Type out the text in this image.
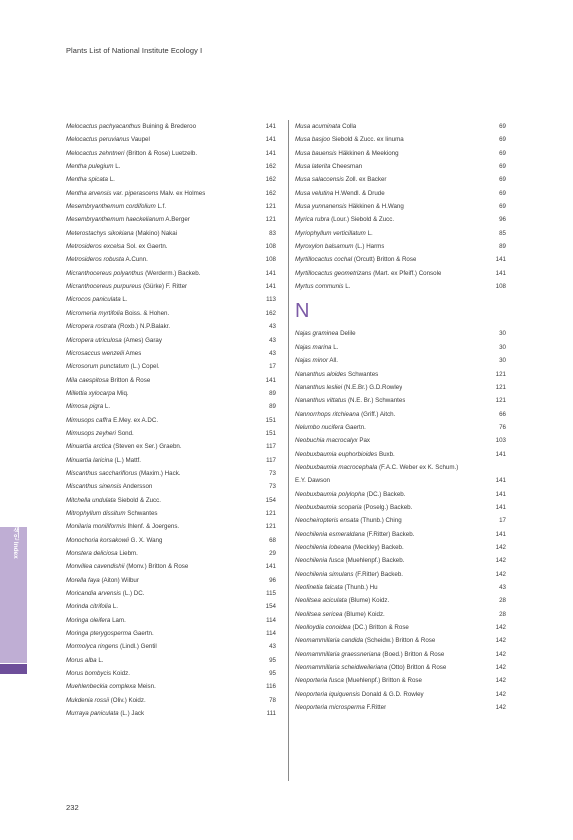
Plants List of National Institute Ecology Ⅰ
Melocactus pachyacanthus Buining & Brederoo	141
Melocactus peruvianus Vaupel	141
Melocactus zehntneri (Britton & Rose) Luetzelb.	141
Mentha pulegium L.	162
Mentha spicata L.	162
Mentha arvensis var. piperascens Malv. ex Holmes	162
Mesembryanthemum cordifolium L.f.	121
Mesembryanthemum haeckelianum A.Berger	121
Meterostachys sikokiana (Makino) Nakai	83
Metrosideros excelsa Sol. ex Gaertn.	108
Metrosideros robusta A.Cunn.	108
Micranthocereus polyanthus (Werderm.) Backeb.	141
Micranthocereus purpureus (Gürke) F. Ritter	141
Microcos paniculata L.	113
Micromeria myrtifolia Boiss. & Hohen.	162
Micropera rostrata (Roxb.) N.P.Balakr.	43
Micropera utriculosa (Ames) Garay	43
Microsaccus wenzelii Ames	43
Microsorum punctatum (L.) Copel.	17
Mila caespitosa Britton & Rose	141
Millettia xylocarpa Miq.	89
Mimosa pigra L.	89
Mimusops caffra E.Mey. ex A.DC.	151
Mimusops zeyheri Sond.	151
Minuartia arctica (Steven ex Ser.) Graebn.	117
Minuartia laricina (L.) Mattf.	117
Miscanthus sacchariflorus (Maxim.) Hack.	73
Miscanthus sinensis Andersson	73
Mitchella undulata Siebold & Zucc.	154
Mitrophyllum dissitum Schwantes	121
Monilaria moniliformis Ihlenf. & Joergens.	121
Monochoria korsakowii G. X. Wang	68
Monstera deliciosa Liebm.	29
Monvillea cavendishii (Monv.) Britton & Rose	141
Morella faya (Aiton) Wilbur	96
Moricandia arvensis (L.) DC.	115
Morinda citrifolia L.	154
Moringa oleifera Lam.	114
Moringa pterygosperma Gaertn.	114
Mormolyca ringens (Lindl.) Gentil	43
Morus alba L.	95
Morus bombycis Koidz.	95
Muehlenbeckia complexa Meisn.	116
Mukdenia rossii (Oliv.) Koidz.	78
Murraya paniculata (L.) Jack	111
Musa acuminata Colla	69
Musa basjoo Siebold & Zucc. ex Iinuma	69
Musa bauensis Häkkinen & Meekiong	69
Musa laterita Cheesman	69
Musa salaccensis Zoll. ex Backer	69
Musa velutina H.Wendl. & Drude	69
Musa yunnanensis Häkkinen & H.Wang	69
Myrica rubra (Lour.) Siebold & Zucc.	96
Myriophyllum verticillatum L.	85
Myroxylon balsamum (L.) Harms	89
Myrtillocactus cochal (Orcutt) Britton & Rose	141
Myrtillocactus geometrizans (Mart. ex Pfeiff.) Console	141
Myrtus communis L.	108
N
Najas graminea Delile	30
Najas marina L.	30
Najas minor All.	30
Nananthus aloides Schwantes	121
Nananthus lesliei (N.E.Br.) G.D.Rowley	121
Nananthus vittatus (N.E. Br.) Schwantes	121
Nannorrhops ritchieana (Griff.) Aitch.	66
Nelumbo nucifera Gaertn.	76
Neobuchia macrocalyx Pax	103
Neobuxbaumia euphorbioides Buxb.	141
Neobuxbaumia macrocephala (F.A.C. Weber ex K. Schum.)
E.Y. Dawson	141
Neobuxbaumia polylopha (DC.) Backeb.	141
Neobuxbaumia scoparia (Poselg.) Backeb.	141
Neocheiropteris ensata (Thunb.) Ching	17
Neochilenia esmeraldana (F.Ritter) Backeb.	141
Neochilenia lobeana (Meckley) Backeb.	142
Neochilenia fusca (Muehlenpf.) Backeb.	142
Neochilenia simulans (F.Ritter) Backeb.	142
Neofinetia falcata (Thunb.) Hu	43
Neolitsea aciculata (Blume) Koidz.	28
Neolitsea sericea (Blume) Koidz.	28
Neolloydia conoidea (DC.) Britton & Rose	142
Neomammillaria candida (Scheidw.) Britton & Rose	142
Neomammillaria graessneriana (Boed.) Britton & Rose	142
Neomammillaria scheidweileriana (Otto) Britton & Rose	142
Neoporteria fusca (Muehlenpf.) Britton & Rose	142
Neoporteria iquiquensis Donald & G.D. Rowley	142
Neoporteria microsperma F.Ritter	142
색인 Index
232
